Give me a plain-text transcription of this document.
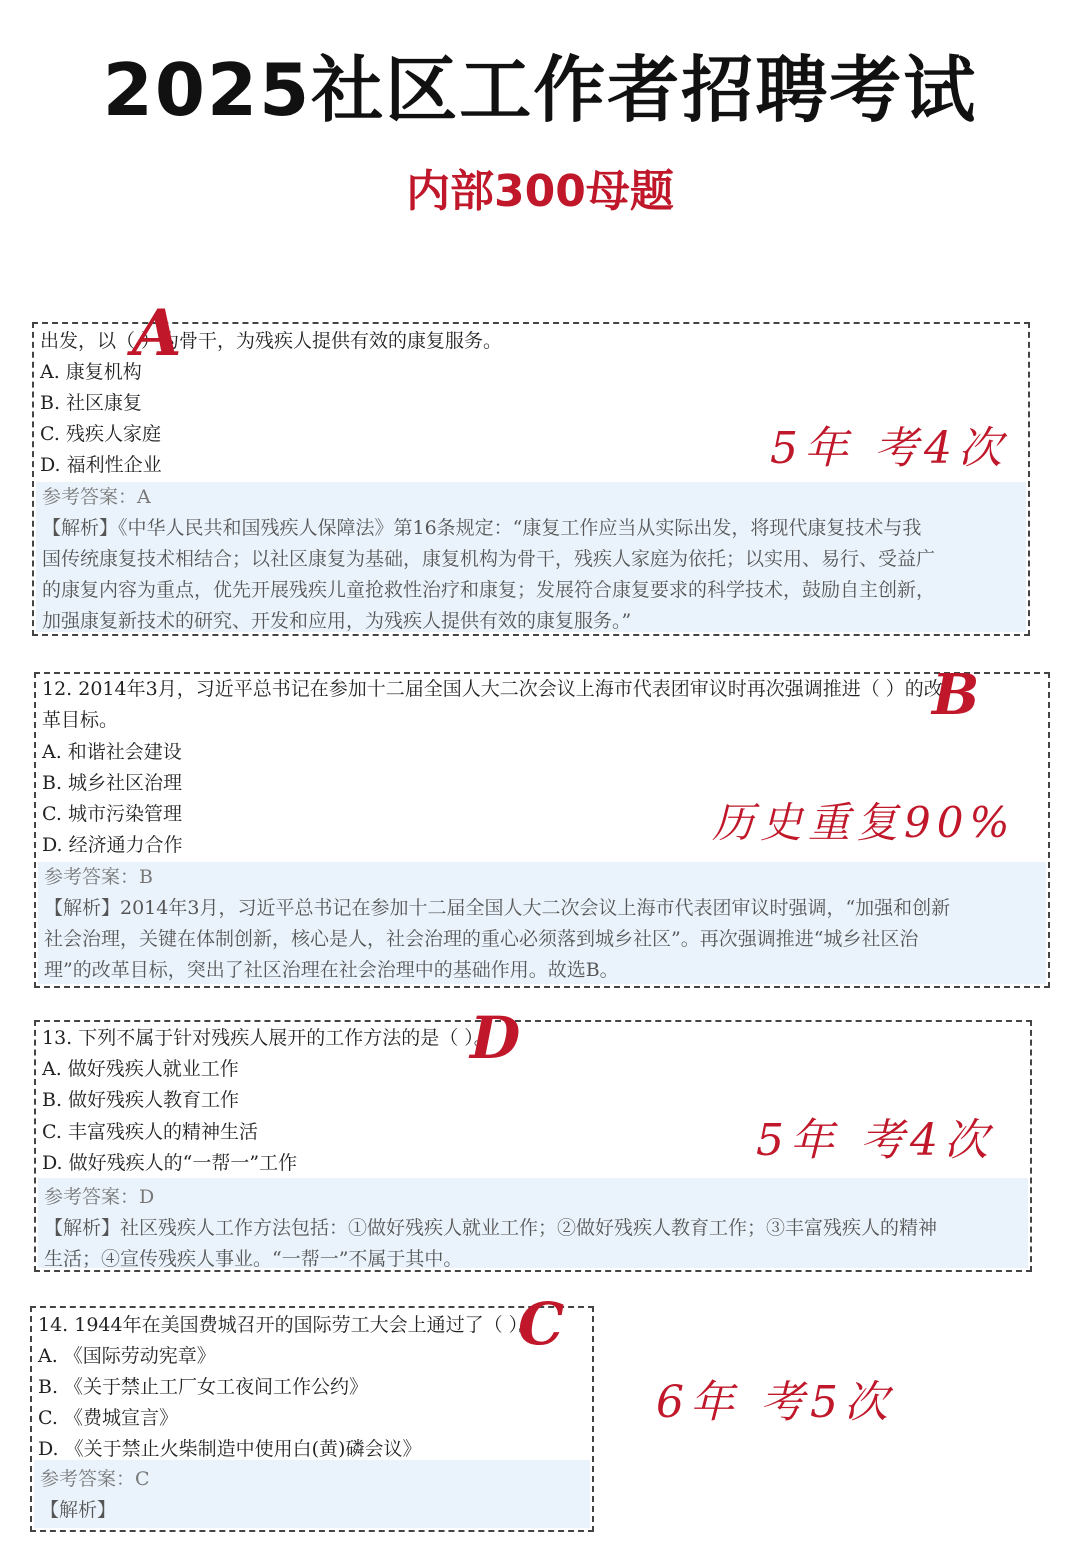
2025社区工作者招聘考试
内部300母题
出发，以（ ）为骨干，为残疾人提供有效的康复服务。
A. 康复机构
B. 社区康复
C. 残疾人家庭
D. 福利性企业
参考答案：A
【解析】《中华人民共和国残疾人保障法》第16条规定：“康复工作应当从实际出发，将现代康复技术与我
国传统康复技术相结合；以社区康复为基础，康复机构为骨干，残疾人家庭为依托；以实用、易行、受益广
的康复内容为重点，优先开展残疾儿童抢救性治疗和康复；发展符合康复要求的科学技术，鼓励自主创新，
加强康复新技术的研究、开发和应用，为残疾人提供有效的康复服务。”
A
5年 考4次
12. 2014年3月，习近平总书记在参加十二届全国人大二次会议上海市代表团审议时再次强调推进（ ）的改
革目标。
A. 和谐社会建设
B. 城乡社区治理
C. 城市污染管理
D. 经济通力合作
参考答案：B
【解析】2014年3月，习近平总书记在参加十二届全国人大二次会议上海市代表团审议时强调，“加强和创新
社会治理，关键在体制创新，核心是人，社会治理的重心必须落到城乡社区”。再次强调推进“城乡社区治
理”的改革目标，突出了社区治理在社会治理中的基础作用。故选B。
B
历史重复90%
13. 下列不属于针对残疾人展开的工作方法的是（ ）。
A. 做好残疾人就业工作
B. 做好残疾人教育工作
C. 丰富残疾人的精神生活
D. 做好残疾人的“一帮一”工作
参考答案：D
【解析】社区残疾人工作方法包括：①做好残疾人就业工作；②做好残疾人教育工作；③丰富残疾人的精神
生活；④宣传残疾人事业。“一帮一”不属于其中。
D
5年 考4次
14. 1944年在美国费城召开的国际劳工大会上通过了（ ）。
A. 《国际劳动宪章》
B. 《关于禁止工厂女工夜间工作公约》
C. 《费城宣言》
D. 《关于禁止火柴制造中使用白(黄)磷会议》
参考答案：C
【解析】
C
6年 考5次
